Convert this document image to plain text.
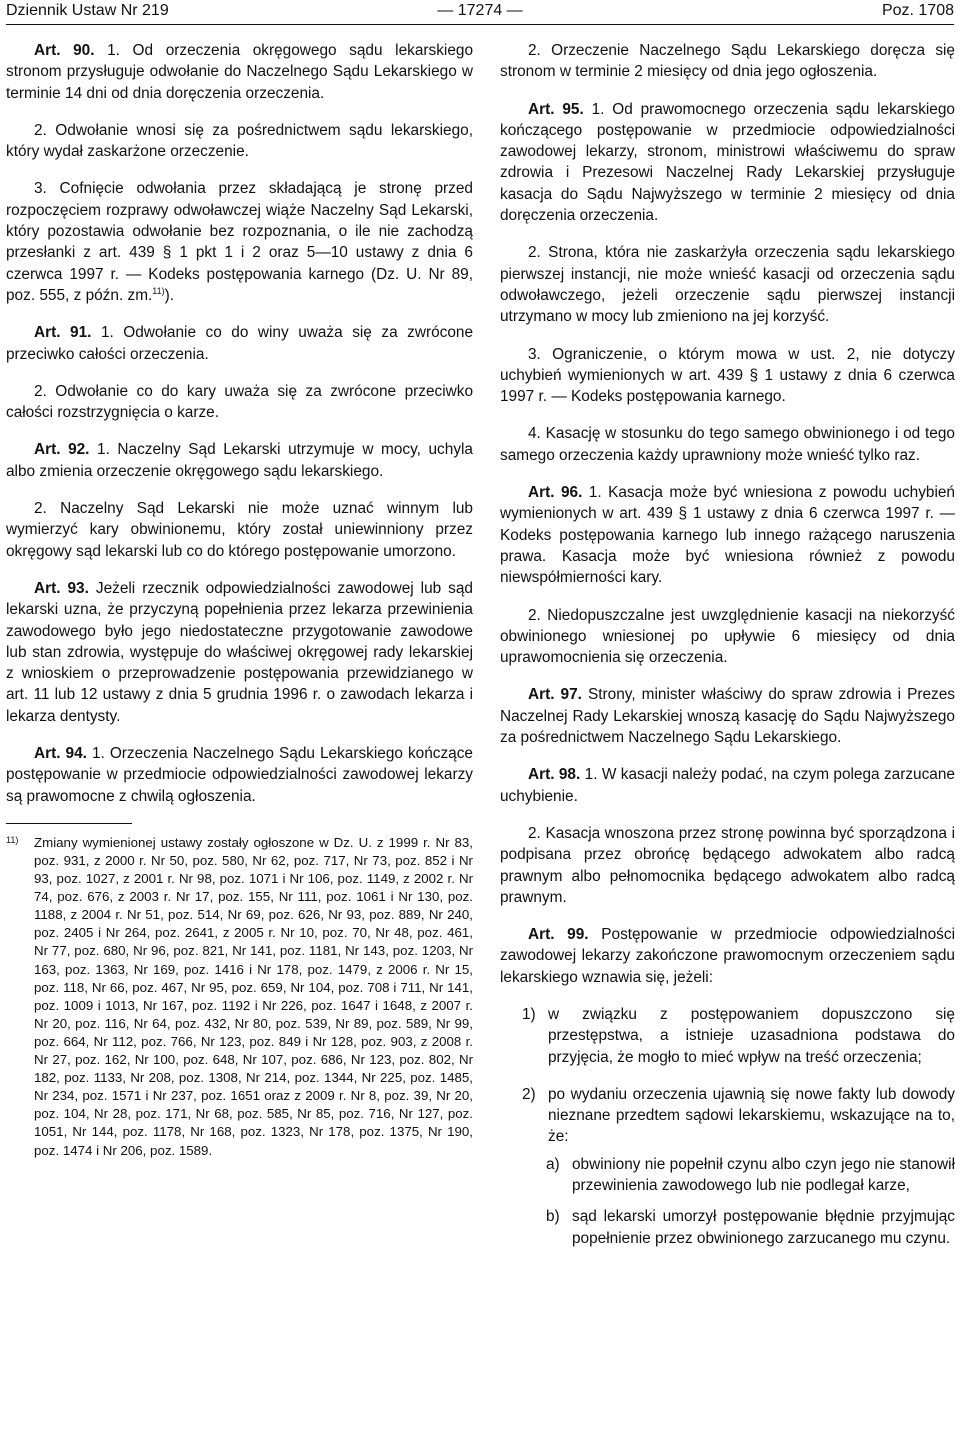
Dziennik Ustaw Nr 219	— 17274 —	Poz. 1708

Art. 90. 1. Od orzeczenia okręgowego sądu lekarskiego stronom przysługuje odwołanie do Naczelnego Sądu Lekarskiego w terminie 14 dni od dnia doręczenia orzeczenia.

2. Odwołanie wnosi się za pośrednictwem sądu lekarskiego, który wydał zaskarżone orzeczenie.

3. Cofnięcie odwołania przez składającą je stronę przed rozpoczęciem rozprawy odwoławczej wiąże Naczelny Sąd Lekarski, który pozostawia odwołanie bez rozpoznania, o ile nie zachodzą przesłanki z art. 439 § 1 pkt 1 i 2 oraz 5—10 ustawy z dnia 6 czerwca 1997 r. — Kodeks postępowania karnego (Dz. U. Nr 89, poz. 555, z późn. zm.$^{11)}$).

Art. 91. 1. Odwołanie co do winy uważa się za zwrócone przeciwko całości orzeczenia.

2. Odwołanie co do kary uważa się za zwrócone przeciwko całości rozstrzygnięcia o karze.

Art. 92. 1. Naczelny Sąd Lekarski utrzymuje w mocy, uchyla albo zmienia orzeczenie okręgowego sądu lekarskiego.

2. Naczelny Sąd Lekarski nie może uznać winnym lub wymierzyć kary obwinionemu, który został uniewinniony przez okręgowy sąd lekarski lub co do którego postępowanie umorzono.

Art. 93. Jeżeli rzecznik odpowiedzialności zawodowej lub sąd lekarski uzna, że przyczyną popełnienia przez lekarza przewinienia zawodowego było jego niedostateczne przygotowanie zawodowe lub stan zdrowia, występuje do właściwej okręgowej rady lekarskiej z wnioskiem o przeprowadzenie postępowania przewidzianego w art. 11 lub 12 ustawy z dnia 5 grudnia 1996 r. o zawodach lekarza i lekarza dentysty.

Art. 94. 1. Orzeczenia Naczelnego Sądu Lekarskiego kończące postępowanie w przedmiocie odpowiedzialności zawodowej lekarzy są prawomocne z chwilą ogłoszenia.

11) Zmiany wymienionej ustawy zostały ogłoszone w Dz. U. z 1999 r. Nr 83, poz. 931, z 2000 r. Nr 50, poz. 580, Nr 62, poz. 717, Nr 73, poz. 852 i Nr 93, poz. 1027, z 2001 r. Nr 98, poz. 1071 i Nr 106, poz. 1149, z 2002 r. Nr 74, poz. 676, z 2003 r. Nr 17, poz. 155, Nr 111, poz. 1061 i Nr 130, poz. 1188, z 2004 r. Nr 51, poz. 514, Nr 69, poz. 626, Nr 93, poz. 889, Nr 240, poz. 2405 i Nr 264, poz. 2641, z 2005 r. Nr 10, poz. 70, Nr 48, poz. 461, Nr 77, poz. 680, Nr 96, poz. 821, Nr 141, poz. 1181, Nr 143, poz. 1203, Nr 163, poz. 1363, Nr 169, poz. 1416 i Nr 178, poz. 1479, z 2006 r. Nr 15, poz. 118, Nr 66, poz. 467, Nr 95, poz. 659, Nr 104, poz. 708 i 711, Nr 141, poz. 1009 i 1013, Nr 167, poz. 1192 i Nr 226, poz. 1647 i 1648, z 2007 r. Nr 20, poz. 116, Nr 64, poz. 432, Nr 80, poz. 539, Nr 89, poz. 589, Nr 99, poz. 664, Nr 112, poz. 766, Nr 123, poz. 849 i Nr 128, poz. 903, z 2008 r. Nr 27, poz. 162, Nr 100, poz. 648, Nr 107, poz. 686, Nr 123, poz. 802, Nr 182, poz. 1133, Nr 208, poz. 1308, Nr 214, poz. 1344, Nr 225, poz. 1485, Nr 234, poz. 1571 i Nr 237, poz. 1651 oraz z 2009 r. Nr 8, poz. 39, Nr 20, poz. 104, Nr 28, poz. 171, Nr 68, poz. 585, Nr 85, poz. 716, Nr 127, poz. 1051, Nr 144, poz. 1178, Nr 168, poz. 1323, Nr 178, poz. 1375, Nr 190, poz. 1474 i Nr 206, poz. 1589.

2. Orzeczenie Naczelnego Sądu Lekarskiego doręcza się stronom w terminie 2 miesięcy od dnia jego ogłoszenia.

Art. 95. 1. Od prawomocnego orzeczenia sądu lekarskiego kończącego postępowanie w przedmiocie odpowiedzialności zawodowej lekarzy, stronom, ministrowi właściwemu do spraw zdrowia i Prezesowi Naczelnej Rady Lekarskiej przysługuje kasacja do Sądu Najwyższego w terminie 2 miesięcy od dnia doręczenia orzeczenia.

2. Strona, która nie zaskarżyła orzeczenia sądu lekarskiego pierwszej instancji, nie może wnieść kasacji od orzeczenia sądu odwoławczego, jeżeli orzeczenie sądu pierwszej instancji utrzymano w mocy lub zmieniono na jej korzyść.

3. Ograniczenie, o którym mowa w ust. 2, nie dotyczy uchybień wymienionych w art. 439 § 1 ustawy z dnia 6 czerwca 1997 r. — Kodeks postępowania karnego.

4. Kasację w stosunku do tego samego obwinionego i od tego samego orzeczenia każdy uprawniony może wnieść tylko raz.

Art. 96. 1. Kasacja może być wniesiona z powodu uchybień wymienionych w art. 439 § 1 ustawy z dnia 6 czerwca 1997 r. — Kodeks postępowania karnego lub innego rażącego naruszenia prawa. Kasacja może być wniesiona również z powodu niewspółmierności kary.

2. Niedopuszczalne jest uwzględnienie kasacji na niekorzyść obwinionego wniesionej po upływie 6 miesięcy od dnia uprawomocnienia się orzeczenia.

Art. 97. Strony, minister właściwy do spraw zdrowia i Prezes Naczelnej Rady Lekarskiej wnoszą kasację do Sądu Najwyższego za pośrednictwem Naczelnego Sądu Lekarskiego.

Art. 98. 1. W kasacji należy podać, na czym polega zarzucane uchybienie.

2. Kasacja wnoszona przez stronę powinna być sporządzona i podpisana przez obrońcę będącego adwokatem albo radcą prawnym albo pełnomocnika będącego adwokatem albo radcą prawnym.

Art. 99. Postępowanie w przedmiocie odpowiedzialności zawodowej lekarzy zakończone prawomocnym orzeczeniem sądu lekarskiego wznawia się, jeżeli:

1) w związku z postępowaniem dopuszczono się przestępstwa, a istnieje uzasadniona podstawa do przyjęcia, że mogło to mieć wpływ na treść orzeczenia;
2) po wydaniu orzeczenia ujawnią się nowe fakty lub dowody nieznane przedtem sądowi lekarskiemu, wskazujące na to, że:
a) obwiniony nie popełnił czynu albo czyn jego nie stanowił przewinienia zawodowego lub nie podlegał karze,
b) sąd lekarski umorzył postępowanie błędnie przyjmując popełnienie przez obwinionego zarzucanego mu czynu.
